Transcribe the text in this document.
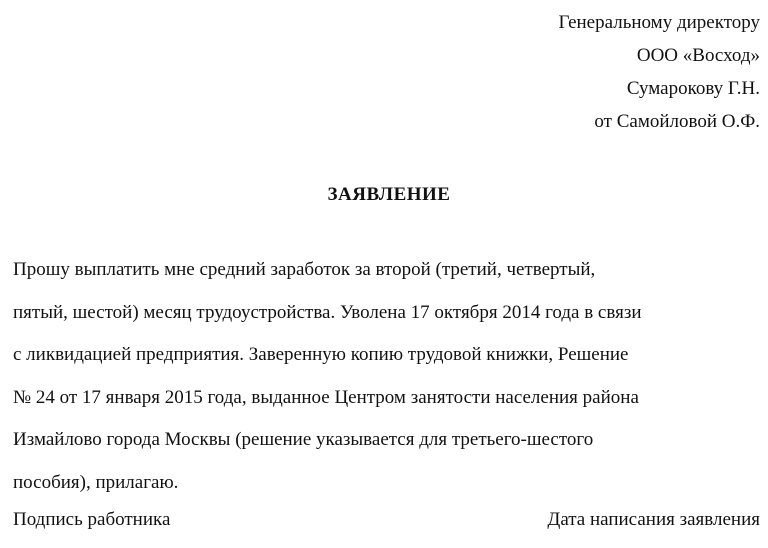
Генеральному директору
ООО «Восход»
Сумарокову Г.Н.
от Самойловой О.Ф.
ЗАЯВЛЕНИЕ
Прошу выплатить мне средний заработок за второй (третий, четвертый,
пятый, шестой) месяц трудоустройства. Уволена 17 октября 2014 года в связи
с ликвидацией предприятия. Заверенную копию трудовой книжки, Решение
№ 24 от 17 января 2015 года, выданное Центром занятости населения района
Измайлово города Москвы (решение указывается для третьего-шестого
пособия), прилагаю.
Подпись работника	Дата написания заявления
